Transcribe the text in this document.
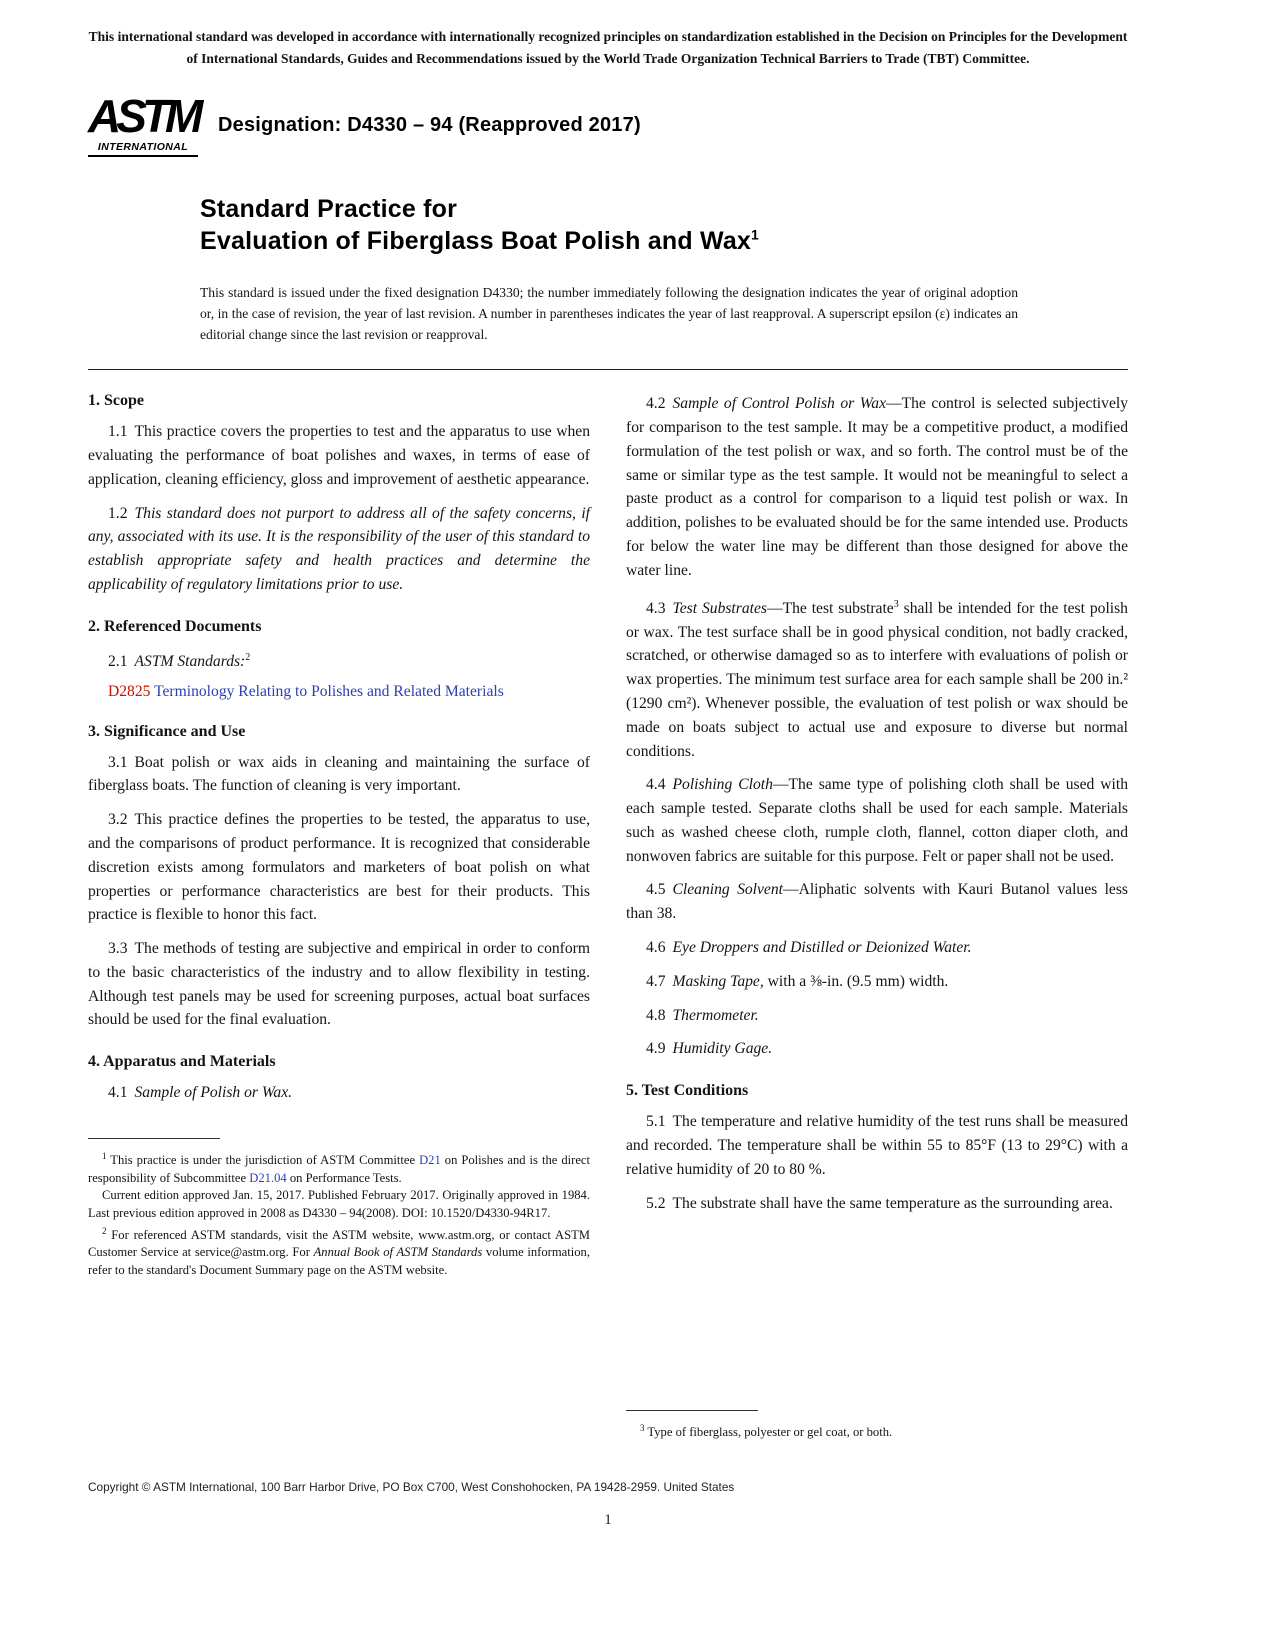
This international standard was developed in accordance with internationally recognized principles on standardization established in the Decision on Principles for the Development of International Standards, Guides and Recommendations issued by the World Trade Organization Technical Barriers to Trade (TBT) Committee.

ASTM
INTERNATIONAL
Designation: D4330 – 94 (Reapproved 2017)
Standard Practice for
Evaluation of Fiberglass Boat Polish and Wax$^1$

This standard is issued under the fixed designation D4330; the number immediately following the designation indicates the year of original adoption or, in the case of revision, the year of last revision. A number in parentheses indicates the year of last reapproval. A superscript epsilon (ε) indicates an editorial change since the last revision or reapproval.

1. Scope

1.1 This practice covers the properties to test and the apparatus to use when evaluating the performance of boat polishes and waxes, in terms of ease of application, cleaning efficiency, gloss and improvement of aesthetic appearance.

1.2 This standard does not purport to address all of the safety concerns, if any, associated with its use. It is the responsibility of the user of this standard to establish appropriate safety and health practices and determine the applicability of regulatory limitations prior to use.

2. Referenced Documents

2.1 ASTM Standards:$^2$

D2825 Terminology Relating to Polishes and Related Materials

3. Significance and Use

3.1 Boat polish or wax aids in cleaning and maintaining the surface of fiberglass boats. The function of cleaning is very important.

3.2 This practice defines the properties to be tested, the apparatus to use, and the comparisons of product performance. It is recognized that considerable discretion exists among formulators and marketers of boat polish on what properties or performance characteristics are best for their products. This practice is flexible to honor this fact.

3.3 The methods of testing are subjective and empirical in order to conform to the basic characteristics of the industry and to allow flexibility in testing. Although test panels may be used for screening purposes, actual boat surfaces should be used for the final evaluation.

4. Apparatus and Materials

4.1 Sample of Polish or Wax.

$^1$ This practice is under the jurisdiction of ASTM Committee D21 on Polishes and is the direct responsibility of Subcommittee D21.04 on Performance Tests.

Current edition approved Jan. 15, 2017. Published February 2017. Originally approved in 1984. Last previous edition approved in 2008 as D4330 – 94(2008). DOI: 10.1520/D4330-94R17.

$^2$ For referenced ASTM standards, visit the ASTM website, www.astm.org, or contact ASTM Customer Service at service@astm.org. For Annual Book of ASTM Standards volume information, refer to the standard's Document Summary page on the ASTM website.

4.2 Sample of Control Polish or Wax—The control is selected subjectively for comparison to the test sample. It may be a competitive product, a modified formulation of the test polish or wax, and so forth. The control must be of the same or similar type as the test sample. It would not be meaningful to select a paste product as a control for comparison to a liquid test polish or wax. In addition, polishes to be evaluated should be for the same intended use. Products for below the water line may be different than those designed for above the water line.

4.3 Test Substrates—The test substrate$^3$ shall be intended for the test polish or wax. The test surface shall be in good physical condition, not badly cracked, scratched, or otherwise damaged so as to interfere with evaluations of polish or wax properties. The minimum test surface area for each sample shall be 200 in.² (1290 cm²). Whenever possible, the evaluation of test polish or wax should be made on boats subject to actual use and exposure to diverse but normal conditions.

4.4 Polishing Cloth—The same type of polishing cloth shall be used with each sample tested. Separate cloths shall be used for each sample. Materials such as washed cheese cloth, rumple cloth, flannel, cotton diaper cloth, and nonwoven fabrics are suitable for this purpose. Felt or paper shall not be used.

4.5 Cleaning Solvent—Aliphatic solvents with Kauri Butanol values less than 38.

4.6 Eye Droppers and Distilled or Deionized Water.

4.7 Masking Tape, with a ⅜-in. (9.5 mm) width.

4.8 Thermometer.

4.9 Humidity Gage.

5. Test Conditions

5.1 The temperature and relative humidity of the test runs shall be measured and recorded. The temperature shall be within 55 to 85°F (13 to 29°C) with a relative humidity of 20 to 80 %.

5.2 The substrate shall have the same temperature as the surrounding area.

$^3$ Type of fiberglass, polyester or gel coat, or both.

Copyright © ASTM International, 100 Barr Harbor Drive, PO Box C700, West Conshohocken, PA 19428-2959. United States

1
